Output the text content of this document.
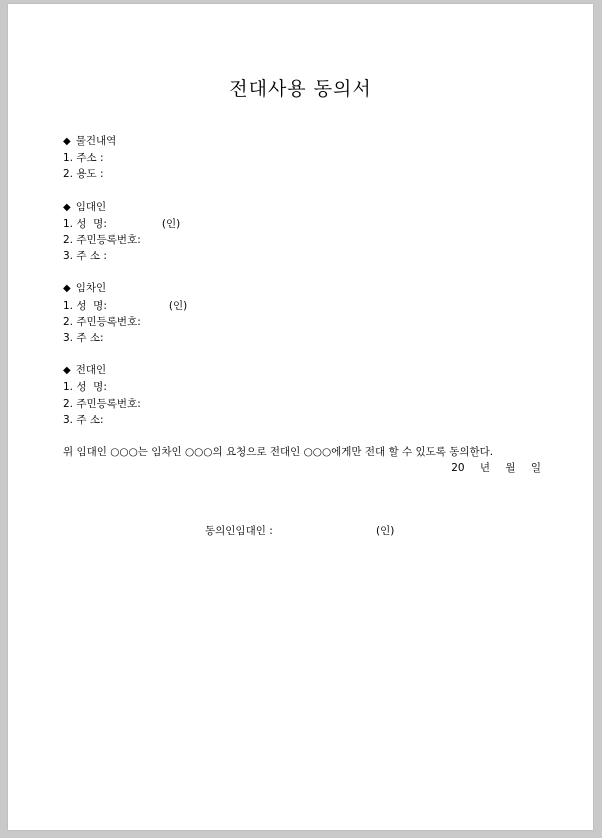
전대사용 동의서
◆ 물건내역
1. 주소 :
2. 용도 :
◆ 임대인
1. 성  명:	(인)
2. 주민등록번호:
3. 주 소 :
◆ 임차인
1. 성  명:	(인)
2. 주민등록번호:
3. 주 소:
◆ 전대인
1. 성  명:
2. 주민등록번호:
3. 주 소:
위 임대인 ○○○는 임차인 ○○○의 요청으로 전대인 ○○○에게만 전대 할 수 있도록 동의한다.
20 년 월 일
동의인임대인 :	(인)
